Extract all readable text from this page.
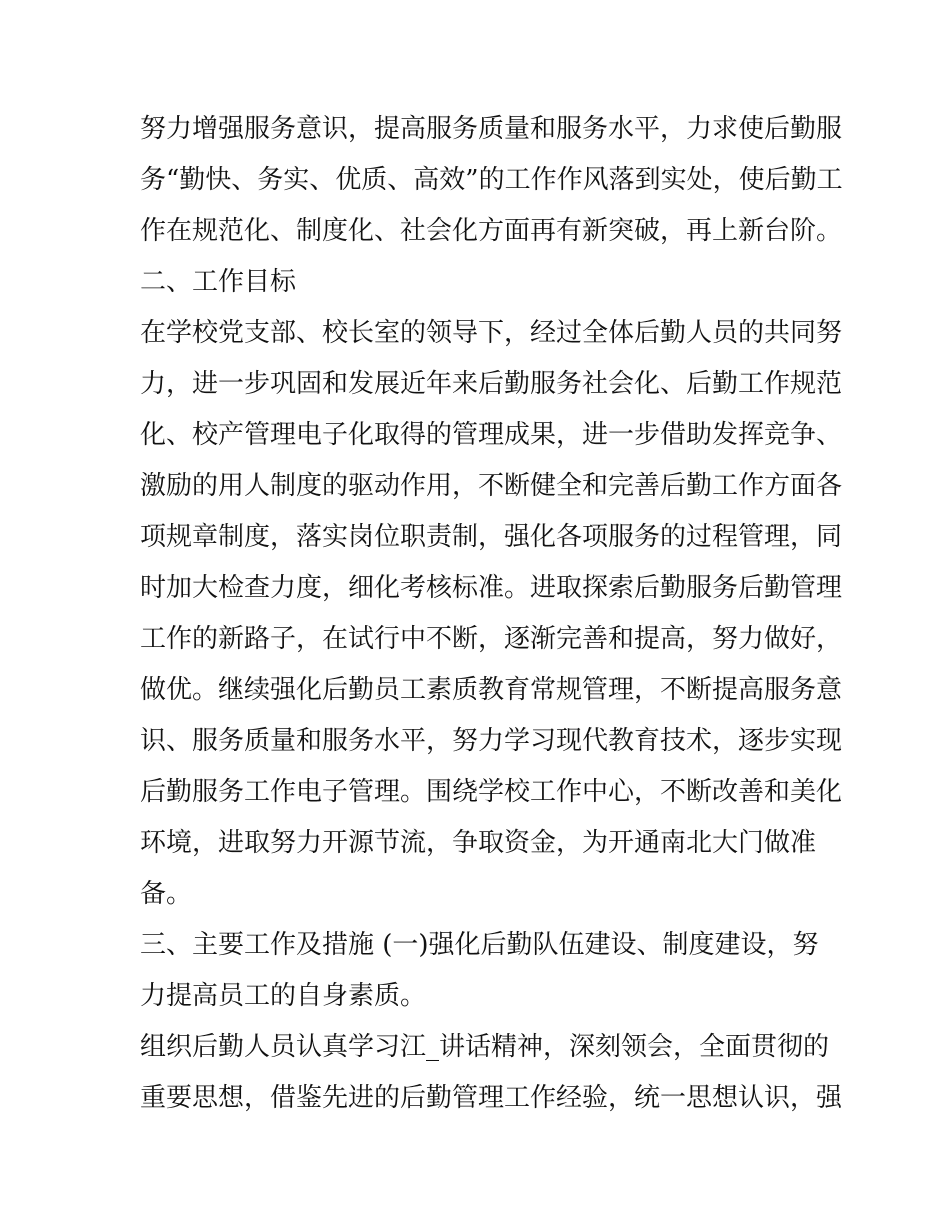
努力增强服务意识，提高服务质量和服务水平，力求使后勤服
务“勤快、务实、优质、高效”的工作作风落到实处，使后勤工
作在规范化、制度化、社会化方面再有新突破，再上新台阶。
二、工作目标
在学校党支部、校长室的领导下，经过全体后勤人员的共同努
力，进一步巩固和发展近年来后勤服务社会化、后勤工作规范
化、校产管理电子化取得的管理成果，进一步借助发挥竞争、
激励的用人制度的驱动作用，不断健全和完善后勤工作方面各
项规章制度，落实岗位职责制，强化各项服务的过程管理，同
时加大检查力度，细化考核标准。进取探索后勤服务后勤管理
工作的新路子，在试行中不断，逐渐完善和提高，努力做好，
做优。继续强化后勤员工素质教育常规管理，不断提高服务意
识、服务质量和服务水平，努力学习现代教育技术，逐步实现
后勤服务工作电子管理。围绕学校工作中心，不断改善和美化
环境，进取努力开源节流，争取资金，为开通南北大门做准
备。
三、主要工作及措施 (一)强化后勤队伍建设、制度建设，努
力提高员工的自身素质。
组织后勤人员认真学习江_讲话精神，深刻领会，全面贯彻的
重要思想，借鉴先进的后勤管理工作经验，统一思想认识，强
